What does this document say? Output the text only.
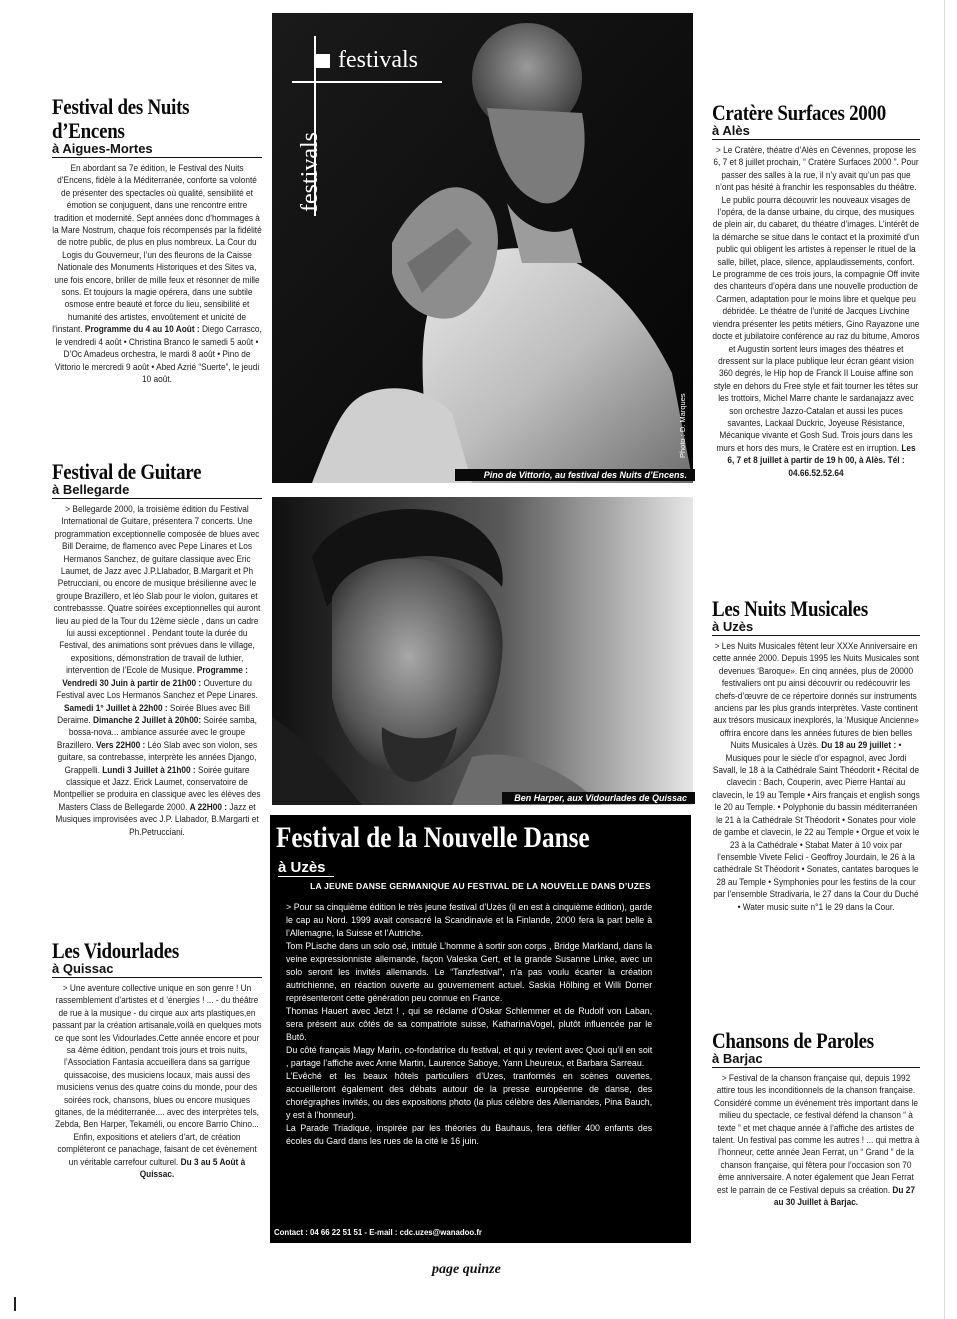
Festival des Nuits
d’Encens
à Aigues-Mortes

En abordant sa 7e édition, le Festival des Nuits d’Encens, fidèle à la Méditerranée, conforte sa volonté de présenter des spectacles où qualité, sensibilité et émotion se conjuguent, dans une rencontre entre tradition et modernité. Sept années donc d’hommages à la Mare Nostrum, chaque fois récompensés par la fidélité de notre public, de plus en plus nombreux. La Cour du Logis du Gouverneur, l’un des fleurons de la Caisse Nationale des Monuments Historiques et des Sites va, une fois encore, briller de mille feux et résonner de mille sons. Et toujours la magie opérera, dans une subtile osmose entre beauté et force du lieu, sensibilité et humanité des artistes, envoûtement et unicité de l’instant. Programme du 4 au 10 Août : Diego Carrasco, le vendredi 4 août • Christina Branco le samedi 5 août • D’Oc Amadeus orchestra, le mardi 8 août • Pino de Vittorio le mercredi 9 août • Abed Azrié “Suerte”, le jeudi 10 août.

Festival de Guitare
à Bellegarde

> Bellegarde 2000, la troisième édition du Festival International de Guitare, présentera 7 concerts. Une programmation exceptionnelle composée de blues avec Bill Deraime, de flamenco avec Pepe Linares et Los Hermanos Sanchez, de guitare classique avec Eric Laumet, de Jazz avec J.P.Llabador, B.Margarit et Ph Petrucciani, ou encore de musique brésilienne avec le groupe Brazillero, et léo Slab pour le violon, guitares et contrebassse. Quatre soirées exceptionnelles qui auront lieu au pied de la Tour du 12ème siècle , dans un cadre lui aussi exceptionnel . Pendant toute la durée du Festival, des animations sont prévues dans le village, expositions, démonstration de travail de luthier, intervention de l’Ecole de Musique. Programme : Vendredi 30 Juin à partir de 21h00 : Ouverture du Festival avec Los Hermanos Sanchez et Pepe Linares. Samedi 1° Juillet à 22h00 : Soirée Blues avec Bill Deraime. Dimanche 2 Juillet à 20h00: Soirée samba, bossa-nova... ambiance assurée avec le groupe Brazillero. Vers 22H00 : Léo Slab avec son violon, ses guitare, sa contrebasse, interprète les années Django, Grappelli. Lundi 3 Juillet à 21h00 : Soirée guitare classique et Jazz. Erick Laumet, conservatoire de Montpellier se produira en classique avec les élèves des Masters Class de Bellegarde 2000. A 22H00 : Jazz et Musiques improvisées avec J.P. Llabador, B.Margarti et Ph.Petrucciani.

Les Vidourlades
à Quissac

> Une aventure collective unique en son genre ! Un rassemblement d’artistes et d ’énergies ! ... - du théâtre de rue à la musique - du cirque aux arts plastiques,en passant par la création artisanale,voilà en quelques mots ce que sont les Vidourlades.Cette année encore et pour sa 4ème édition, pendant trois jours et trois nuits, l’Association Fantasia accueillera dans sa garrigue quissacoise, des musiciens locaux, mais aussi des musiciens venus des quatre coins du monde, pour des soirées rock, chansons, blues ou encore musiques gitanes, de la méditerranée.... avec des interprètes tels, Zebda, Ben Harper, Tekaméli, ou encore Barrio Chino... Enfin, expositions et ateliers d’art, de création compléteront ce panachage, faisant de cet évènement un véritable carrefour culturel. Du 3 au 5 Août à Quissac.

Photo : D. Marques
Pino de Vittorio, au festival des Nuits d’Encens.
festivals
festivals
Ben Harper, aux Vidourlades de Quissac
Festival de la Nouvelle Danse
à Uzès
LA JEUNE DANSE GERMANIQUE AU FESTIVAL DE LA NOUVELLE DANS D’UZES

> Pour sa cinquième édition le très jeune festival d’Uzès (il en est à cinquième édition), garde le cap au Nord. 1999 avait consacré la Scandinavie et la Finlande, 2000 fera la part belle à l’Allemagne, la Suisse et l’Autriche.

Tom PLische dans un solo osé, intitulé L’homme à sortir son corps , Bridge Markland, dans la veine expressionniste allemande, façon Valeska Gert, et la grande Susanne Linke, avec un solo seront les invités allemands. Le “Tanzfestival”, n’a pas voulu écarter la création autrichienne, en réaction ouverte au gouvernement actuel. Saskia Hölbing et Willi Dorner représenteront cette génération peu connue en France.

Thomas Hauert avec Jetzt ! , qui se réclame d’Oskar Schlemmer et de Rudolf von Laban, sera présent aux côtés de sa compatriote suisse, KatharinaVogel, plutôt influencée par le Butô.

Du côté français Magy Marin, co-fondatrice du festival, et qui y revient avec Quoi qu’il en soit , partage l’affiche avec Anne Martin, Laurence Saboye, Yann Lheureux, et Barbara Sarreau.

L’Evêché et les beaux hôtels particuliers d’Uzes, tranformés en scènes ouvertes, accueilleront également des débats autour de la presse européenne de danse, des chorégraphes invités, ou des expositions photo (la plus célèbre des Allemandes, Pina Bauch, y est à l’honneur).

La Parade Triadique, inspirée par les théories du Bauhaus, fera défiler 400 enfants des écoles du Gard dans les rues de la cité le 16 juin.

Contact : 04 66 22 51 51 - E-mail : cdc.uzes@wanadoo.fr
Cratère Surfaces 2000
à Alès

> Le Cratère, théatre d’Alès en Cévennes, propose les 6, 7 et 8 juillet prochain, “ Cratère Surfaces 2000 ”. Pour passer des salles à la rue, il n’y avait qu’un pas que n’ont pas hésité à franchir les responsables du théâtre. Le public pourra découvrir les nouveaux visages de l’opéra, de la danse urbaine, du cirque, des musiques de plein air, du cabaret, du théatre d’images. L’intérêt de la démarche se situe dans le contact et la proximité d’un public qui obligent les artistes à repenser le rituel de la salle, billet, place, silence, applaudissements, confort. Le programme de ces trois jours, la compagnie Off invite des chanteurs d’opéra dans une nouvelle production de Carmen, adaptation pour le moins libre et quelque peu débridée. Le théatre de l’unité de Jacques Livchine viendra présenter les petits métiers, Gino Rayazone une docte et jubilatoire conférence au raz du bitume, Amoros et Augustin sortent leurs images des théatres et dressent sur la place publique leur écran géant vision 360 degrés, le Hip hop de Franck II Louise affine son style en dehors du Free style et fait tourner les têtes sur les trottoirs, Michel Marre chante le sardanajazz avec son orchestre Jazzo-Catalan et aussi les puces savantes, Lackaal Duckric, Joyeuse Résistance, Mécanique vivante et Gosh Sud. Trois jours dans les murs et hors des murs, le Cratère est en irruption. Les 6, 7 et 8 juillet à partir de 19 h 00, à Alès. Tél : 04.66.52.52.64

Les Nuits Musicales
à Uzès

> Les Nuits Musicales fêtent leur XXXe Anniversaire en cette année 2000. Depuis 1995 les Nuits Musicales sont devenues ‘Baroque». En cinq années, plus de 20000 festivaliers ont pu ainsi découvrir ou redécouvrir les chefs-d’œuvre de ce répertoire donnés sur instruments anciens par les plus grands interprètes. Vaste continent aux trésors musicaux inexplorés, la ‘Musique Ancienne» offrira encore dans les années futures de bien belles Nuits Musicales à Uzès. Du 18 au 29 juillet : • Musiques pour le siècle d’or espagnol, avec Jordi Savall, le 18 à la Cathédrale Saint Théodorit • Récital de clavecin : Bach, Couperin, avec Pierre Hantaï au clavecin, le 19 au Temple • Airs français et english songs le 20 au Temple. • Polyphonie du bassin méditerranéen le 21 à la Cathédrale St Théodorit • Sonates pour viole de gambe et clavecin, le 22 au Temple • Orgue et voix le 23 à la Cathédrale • Stabat Mater à 10 voix par l’ensemble Vivete Felici - Geoffroy Jourdain, le 26 à la cathédrale St Théodorit • Sonates, cantates baroques le 28 au Temple • Symphonies pour les festins de la cour par l’ensemble Stradivaria, le 27 dans la Cour du Duché • Water music suite n°1 le 29 dans la Cour.

Chansons de Paroles
à Barjac

> Festival de la chanson française qui, depuis 1992 attire tous les inconditionnels de la chanson française. Considéré comme un événement très important dans le milieu du spectacle, ce festival défend la chanson “ à texte ” et met chaque année à l’affiche des artistes de talent. Un festival pas comme les autres ! ... qui mettra à l’honneur, cette année Jean Ferrat, un “ Grand ” de la chanson française, qui fêtera pour l’occasion son 70 ème anniversaire. A noter également que Jean Ferrat est le parrain de ce Festival depuis sa création. Du 27 au 30 Juillet à Barjac.

page quinze
